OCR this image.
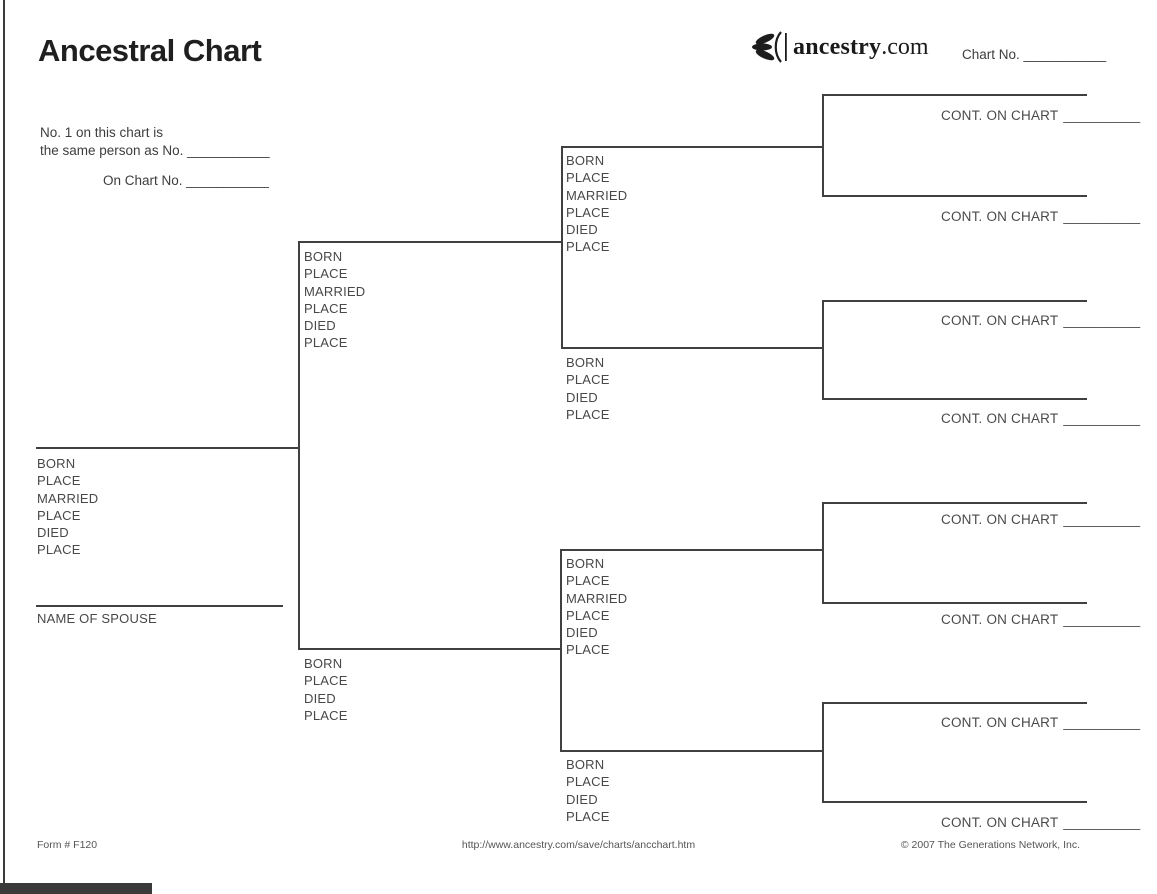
Ancestral Chart	ancestry.com Chart No. ___________
No. 1 on this chart is
the same person as No. ___________
On Chart No. ___________
BORN
PLACE
MARRIED
PLACE
DIED
PLACE
NAME OF SPOUSE
BORN
PLACE
MARRIED
PLACE
DIED
PLACE
BORN
PLACE
DIED
PLACE
BORN
PLACE
MARRIED
PLACE
DIED
PLACE
BORN
PLACE
DIED
PLACE
BORN
PLACE
MARRIED
PLACE
DIED
PLACE
BORN
PLACE
DIED
PLACE
CONT. ON CHART __________
CONT. ON CHART __________
CONT. ON CHART __________
CONT. ON CHART __________
CONT. ON CHART __________
CONT. ON CHART __________
CONT. ON CHART __________
CONT. ON CHART __________
Form # F120	http://www.ancestry.com/save/charts/ancchart.htm	© 2007 The Generations Network, Inc.
